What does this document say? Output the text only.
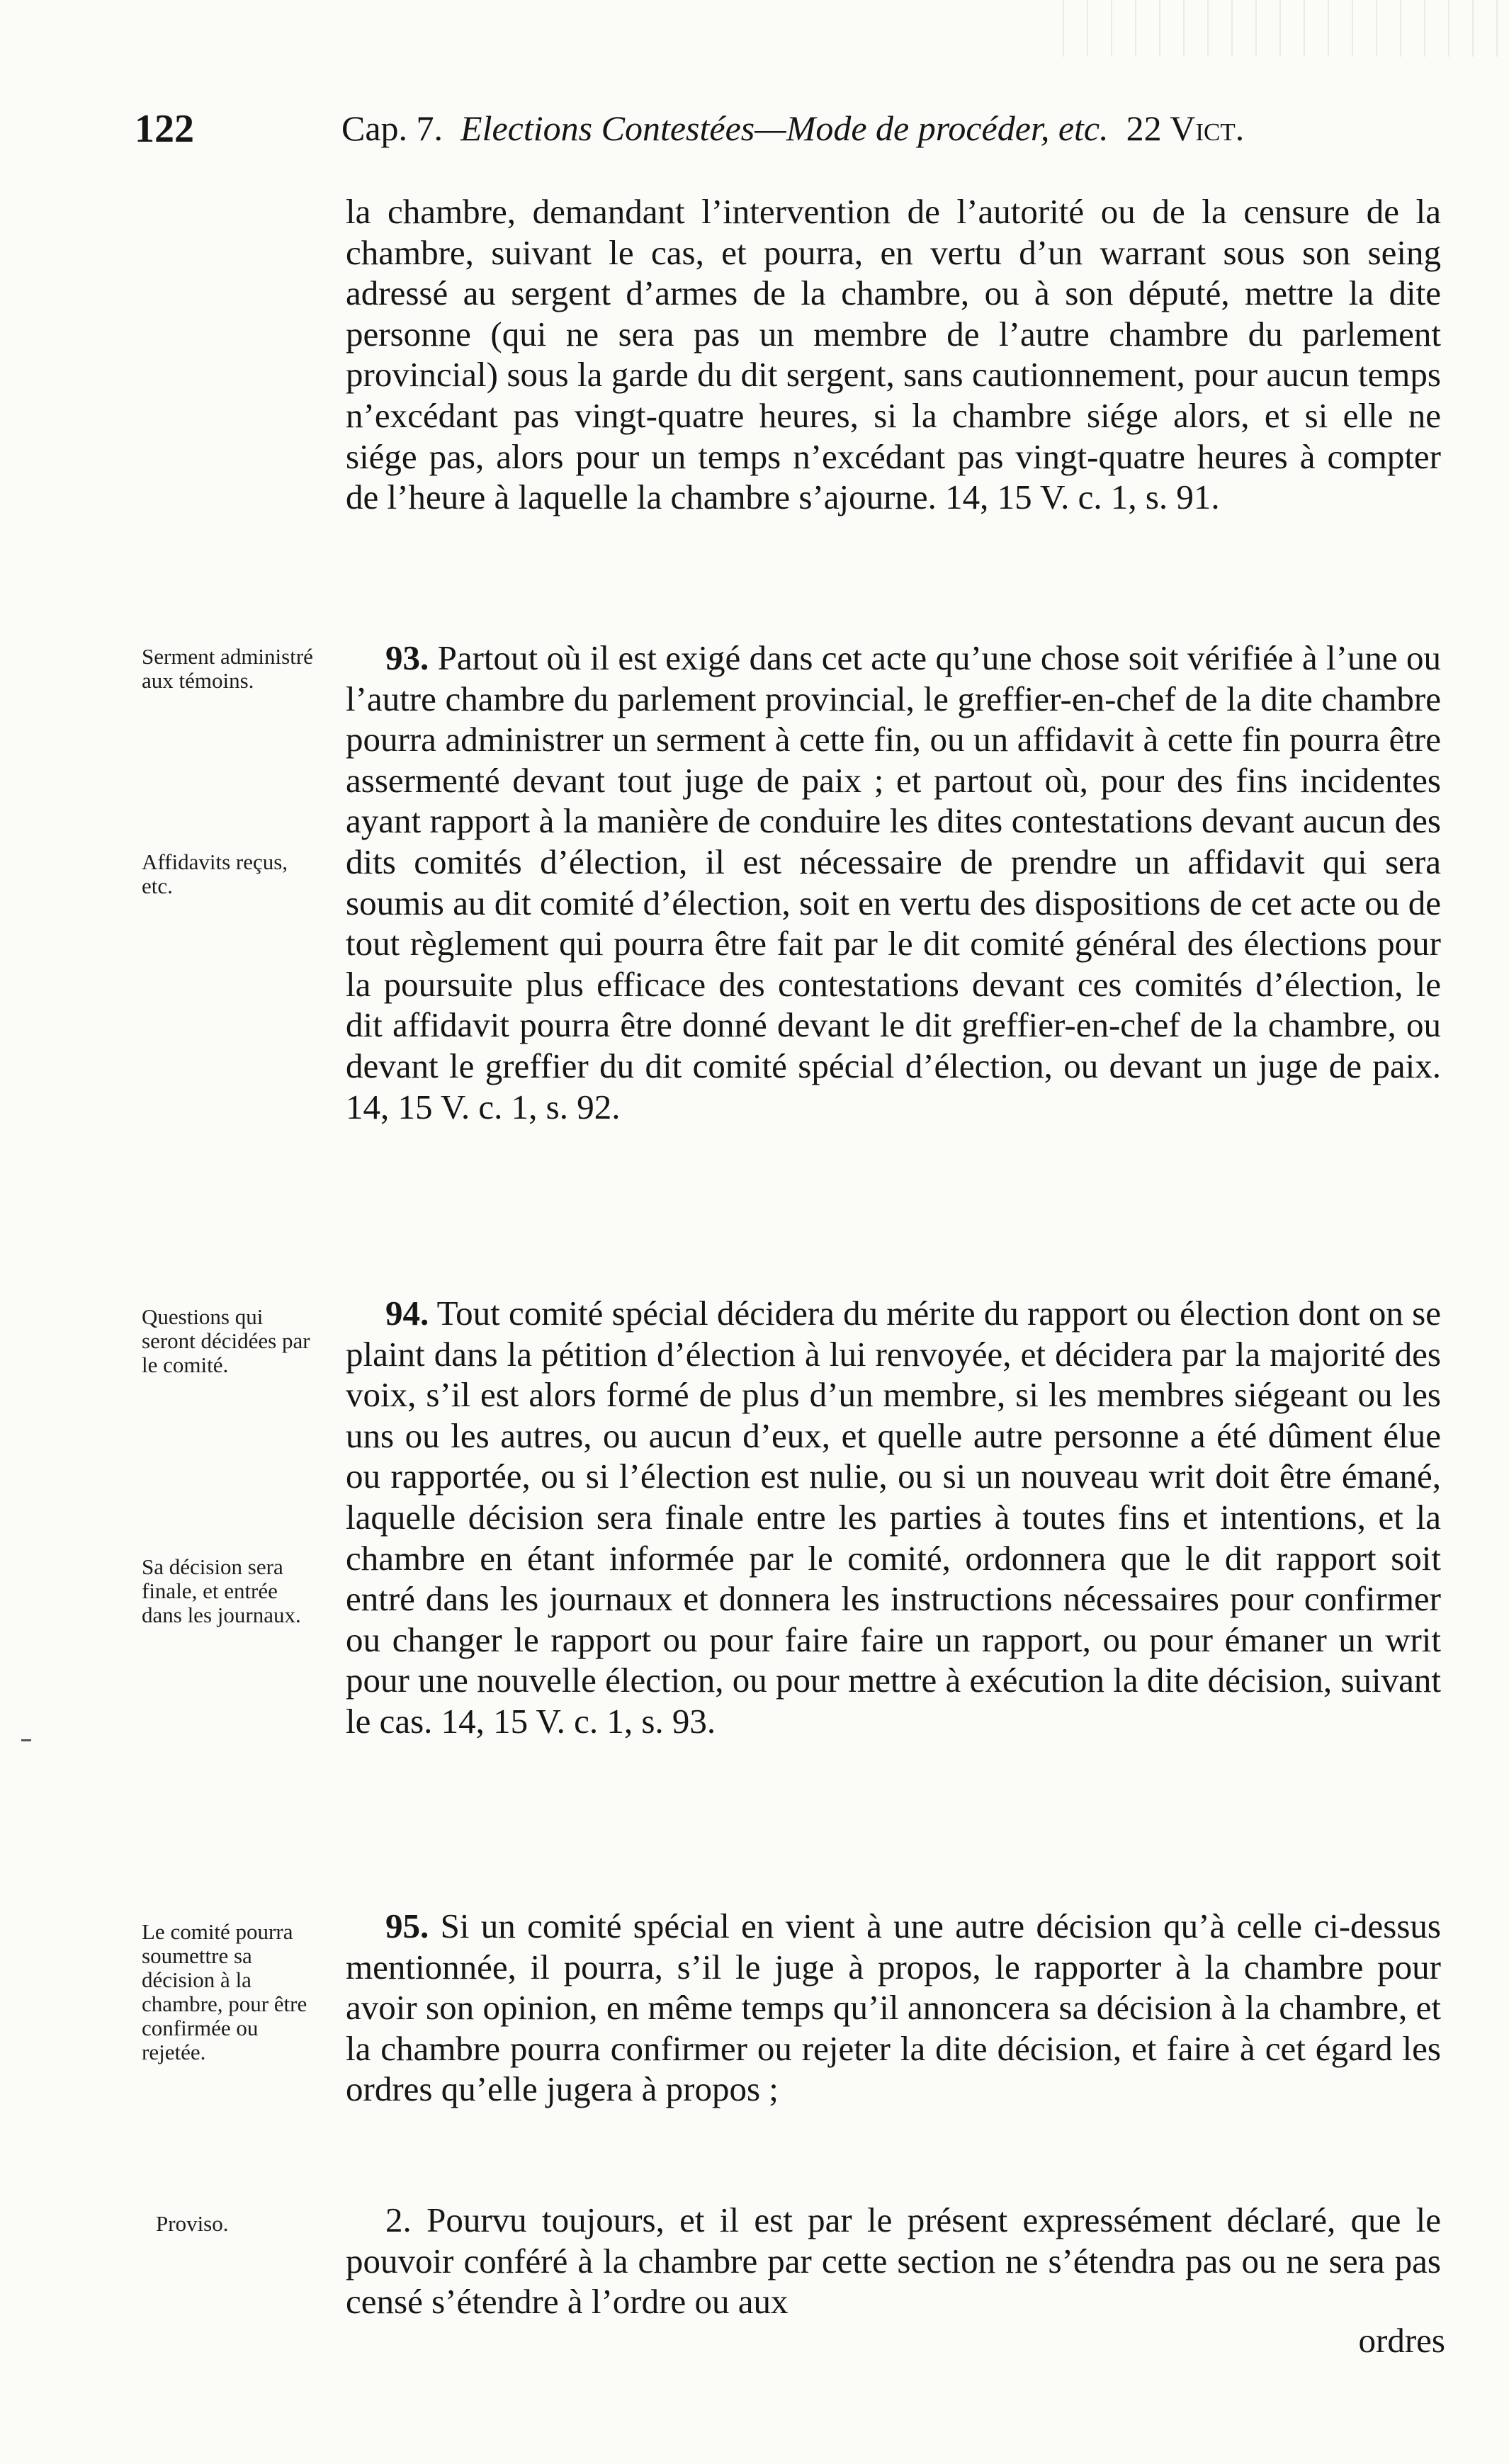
122	Cap. 7. Elections Contestées—Mode de procéder, etc. 22 Vict.

la chambre, demandant l’intervention de l’autorité ou de la censure de la chambre, suivant le cas, et pourra, en vertu d’un warrant sous son seing adressé au sergent d’armes de la chambre, ou à son député, mettre la dite personne (qui ne sera pas un membre de l’autre chambre du parlement provincial) sous la garde du dit sergent, sans cautionnement, pour aucun temps n’excédant pas vingt-quatre heures, si la chambre siége alors, et si elle ne siége pas, alors pour un temps n’excédant pas vingt-quatre heures à compter de l’heure à laquelle la chambre s’ajourne. 14, 15 V. c. 1, s. 91.

93. Partout où il est exigé dans cet acte qu’une chose soit vérifiée à l’une ou l’autre chambre du parlement provincial, le greffier-en-chef de la dite chambre pourra administrer un serment à cette fin, ou un affidavit à cette fin pourra être assermenté devant tout juge de paix ; et partout où, pour des fins incidentes ayant rapport à la manière de conduire les dites contestations devant aucun des dits comités d’élection, il est nécessaire de prendre un affidavit qui sera soumis au dit comité d’élection, soit en vertu des dispositions de cet acte ou de tout règlement qui pourra être fait par le dit comité général des élections pour la poursuite plus efficace des contestations devant ces comités d’élection, le dit affidavit pourra être donné devant le dit greffier-en-chef de la chambre, ou devant le greffier du dit comité spécial d’élection, ou devant un juge de paix. 14, 15 V. c. 1, s. 92.

94. Tout comité spécial décidera du mérite du rapport ou élection dont on se plaint dans la pétition d’élection à lui renvoyée, et décidera par la majorité des voix, s’il est alors formé de plus d’un membre, si les membres siégeant ou les uns ou les autres, ou aucun d’eux, et quelle autre personne a été dûment élue ou rapportée, ou si l’élection est nulie, ou si un nouveau writ doit être émané, laquelle décision sera finale entre les parties à toutes fins et intentions, et la chambre en étant informée par le comité, ordonnera que le dit rapport soit entré dans les journaux et donnera les instructions nécessaires pour confirmer ou changer le rapport ou pour faire faire un rapport, ou pour émaner un writ pour une nouvelle élection, ou pour mettre à exécution la dite décision, suivant le cas. 14, 15 V. c. 1, s. 93.

95. Si un comité spécial en vient à une autre décision qu’à celle ci-dessus mentionnée, il pourra, s’il le juge à propos, le rapporter à la chambre pour avoir son opinion, en même temps qu’il annoncera sa décision à la chambre, et la chambre pourra confirmer ou rejeter la dite décision, et faire à cet égard les ordres qu’elle jugera à propos ;

2. Pourvu toujours, et il est par le présent expressément déclaré, que le pouvoir conféré à la chambre par cette section ne s’étendra pas ou ne sera pas censé s’étendre à l’ordre ou aux

ordres
Serment administré aux témoins.
Affidavits reçus, etc.
Questions qui seront décidées par le comité.
Sa décision sera finale, et entrée dans les journaux.
Le comité pourra soumettre sa décision à la chambre, pour être confirmée ou rejetée.
Proviso.
